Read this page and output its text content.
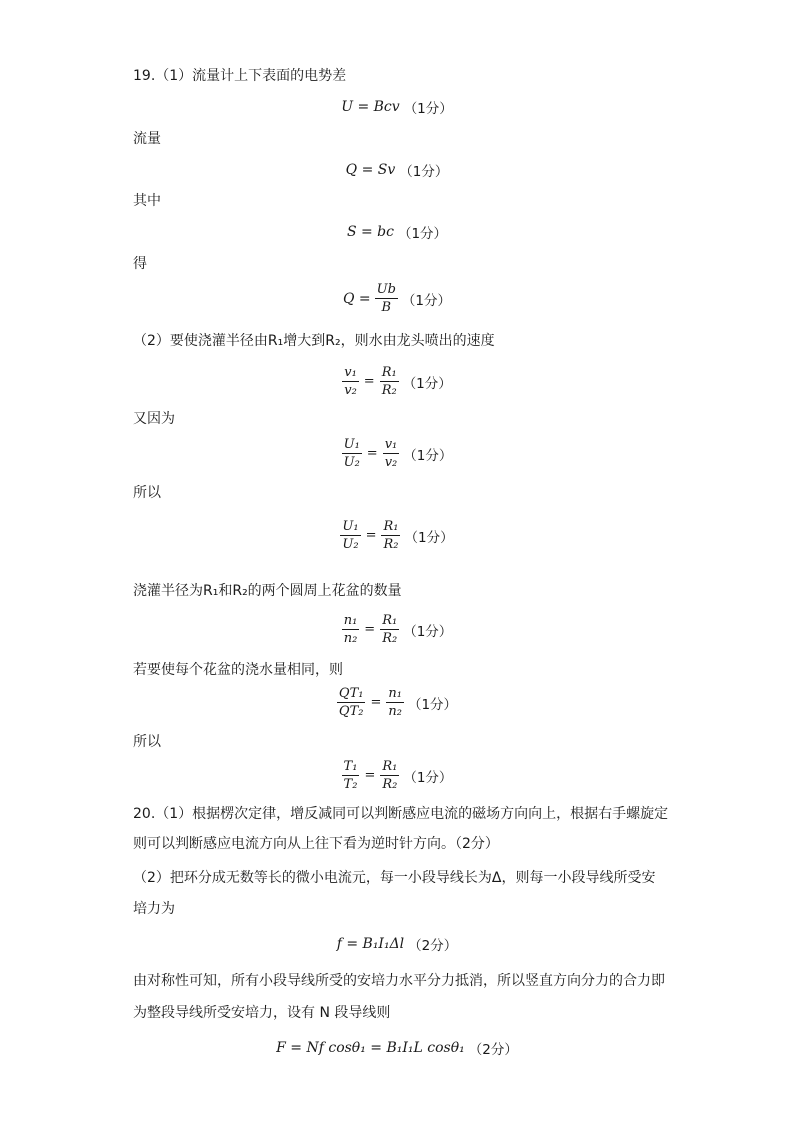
19.（1）流量计上下表面的电势差
U = Bcv （1分）
流量
Q = Sv （1分）
其中
S = bc （1分）
得
$Q = \frac{Ub}{B} (1$分）
（2）要使浇灌半径由R₁增大到R₂，则水由龙头喷出的速度
$\frac{\text{v₁}}{\text{v₂}} = \frac{\text{R₁}}{\text{R₂}} (1$分）
又因为
$\frac{\text{U₁}}{\text{U₂}} = \frac{\text{v₁}}{\text{v₂}} (1$分）
所以
$\frac{\text{U₁}}{\text{U₂}} = \frac{\text{R₁}}{\text{R₂}} (1$分）
浇灌半径为R₁和R₂的两个圆周上花盆的数量
$\frac{\text{n₁}}{\text{n₂}} = \frac{\text{R₁}}{\text{R₂}} (1$分）
若要使每个花盆的浇水量相同，则
$\frac{\text{QT₁}}{\text{QT₂}} = \frac{\text{n₁}}{\text{n₂}} (1$分）
所以
$\frac{\text{T₁}}{\text{T₂}} = \frac{\text{R₁}}{\text{R₂}} (1$分）
20.（1）根据楞次定律，增反减同可以判断感应电流的磁场方向向上，根据右手螺旋定
则可以判断感应电流方向从上往下看为逆时针方向。（2分）
（2）把环分成无数等长的微小电流元，每一小段导线长为Δ，则每一小段导线所受安
培力为
f = B₁I₁Δl （2分）
由对称性可知，所有小段导线所受的安培力水平分力抵消，所以竖直方向分力的合力即
为整段导线所受安培力，设有 N 段导线则
F = Nf cosθ₁ = B₁I₁L cosθ₁ （2分）
